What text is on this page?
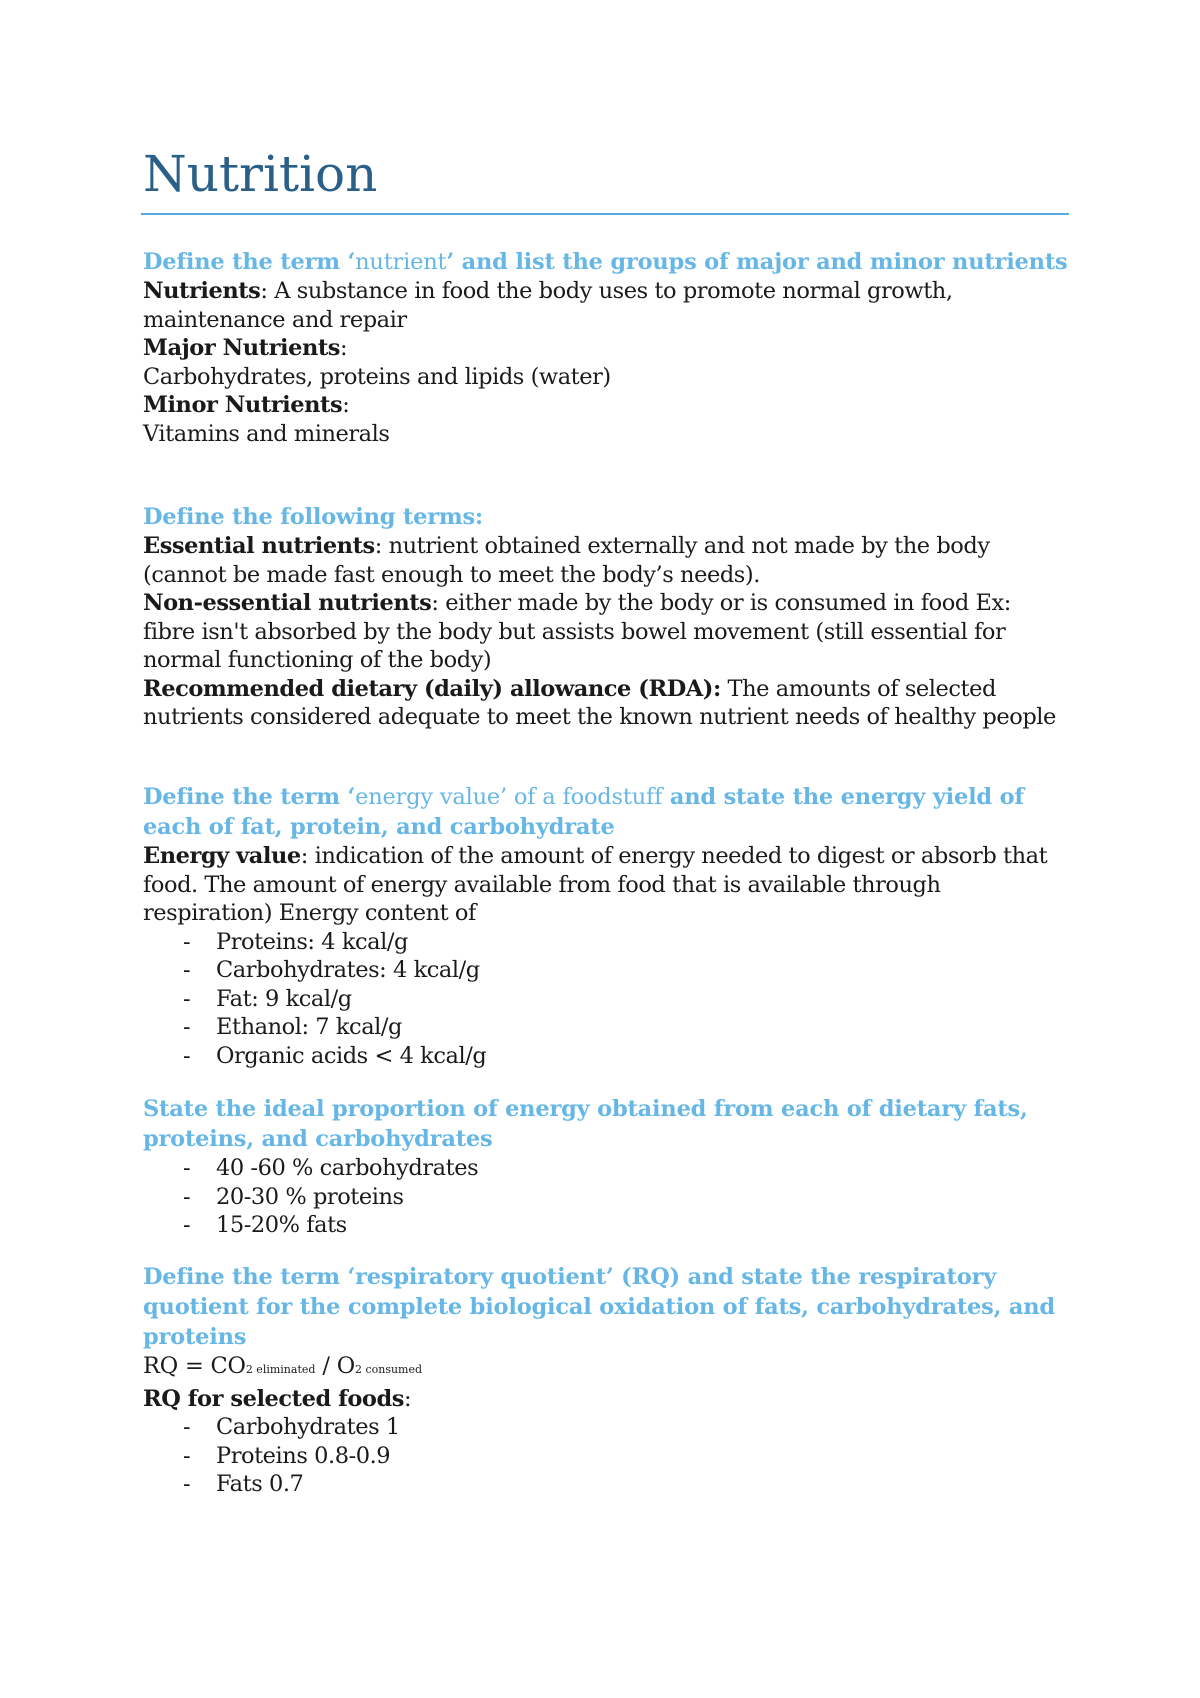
Nutrition
Define the term ‘nutrient’ and list the groups of major and minor nutrients

Nutrients: A substance in food the body uses to promote normal growth, maintenance and repair

Major Nutrients:

Carbohydrates, proteins and lipids (water)

Minor Nutrients:

Vitamins and minerals

Define the following terms:

Essential nutrients: nutrient obtained externally and not made by the body (cannot be made fast enough to meet the body’s needs).

Non-essential nutrients: either made by the body or is consumed in food Ex: fibre isn't absorbed by the body but assists bowel movement (still essential for normal functioning of the body)

Recommended dietary (daily) allowance (RDA): The amounts of selected nutrients considered adequate to meet the known nutrient needs of healthy people

Define the term ‘energy value’ of a foodstuff and state the energy yield of each of fat, protein, and carbohydrate

Energy value: indication of the amount of energy needed to digest or absorb that food. The amount of energy available from food that is available through respiration) Energy content of

- Proteins: 4 kcal/g
- Carbohydrates: 4 kcal/g
- Fat: 9 kcal/g
- Ethanol: 7 kcal/g
- Organic acids < 4 kcal/g
State the ideal proportion of energy obtained from each of dietary fats, proteins, and carbohydrates
- 40 -60 % carbohydrates
- 20-30 % proteins
- 15-20% fats
Define the term ‘respiratory quotient’ (RQ) and state the respiratory quotient for the complete biological oxidation of fats, carbohydrates, and proteins

RQ = CO2 eliminated / O2 consumed

RQ for selected foods:

- Carbohydrates 1
- Proteins 0.8-0.9
- Fats 0.7
